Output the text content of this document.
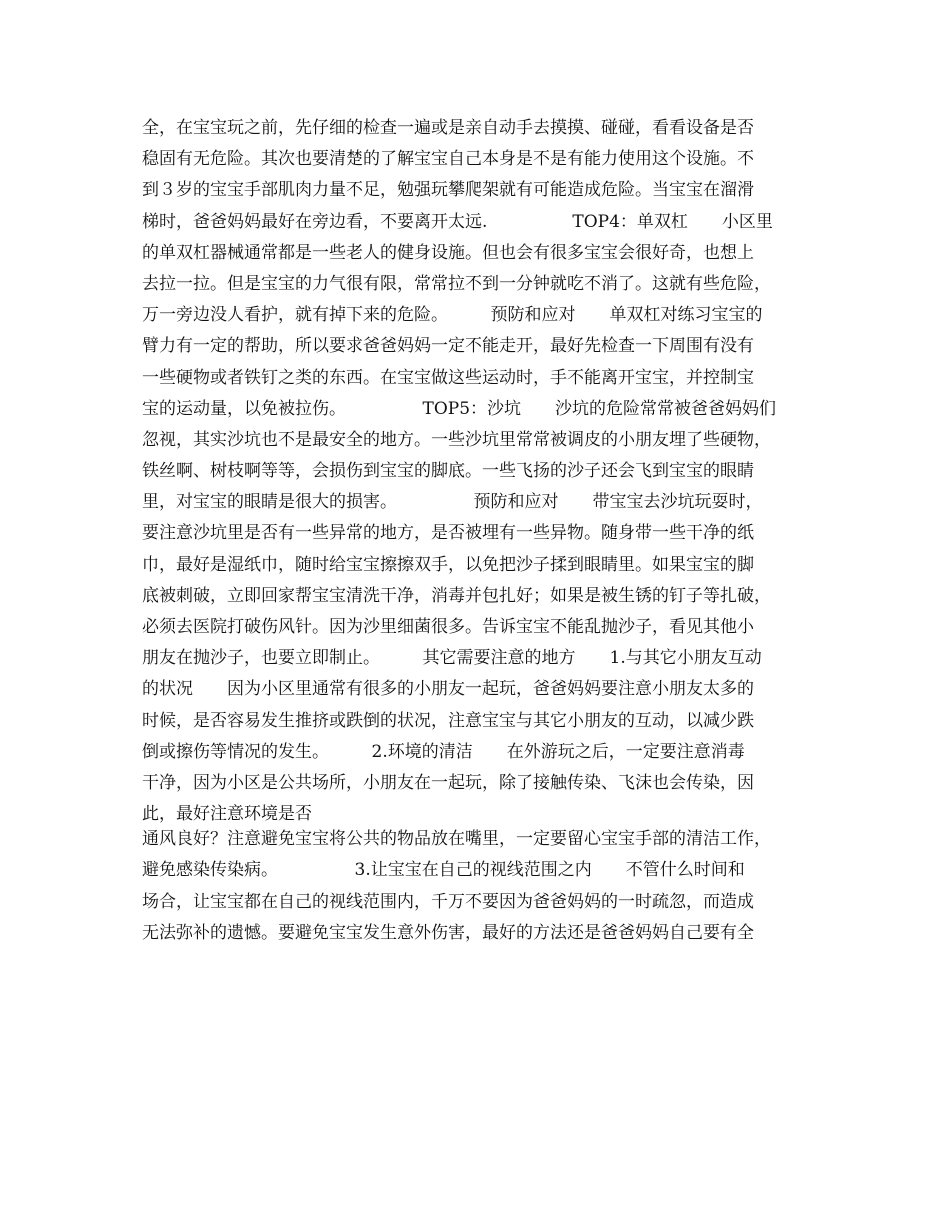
全，在宝宝玩之前，先仔细的检查一遍或是亲自动手去摸摸、碰碰，看看设备是否
稳固有无危险。其次也要清楚的了解宝宝自己本身是不是有能力使用这个设施。不
到３岁的宝宝手部肌肉力量不足，勉强玩攀爬架就有可能造成危险。当宝宝在溜滑
梯时，爸爸妈妈最好在旁边看，不要离开太远.　　　　　TOP4：单双杠　　小区里
的单双杠器械通常都是一些老人的健身设施。但也会有很多宝宝会很好奇，也想上
去拉一拉。但是宝宝的力气很有限，常常拉不到一分钟就吃不消了。这就有些危险，
万一旁边没人看护，就有掉下来的危险。　　　预防和应对　　单双杠对练习宝宝的
臂力有一定的帮助，所以要求爸爸妈妈一定不能走开，最好先检查一下周围有没有
一些硬物或者铁钉之类的东西。在宝宝做这些运动时，手不能离开宝宝，并控制宝
宝的运动量，以免被拉伤。　　　　　TOP5：沙坑　　沙坑的危险常常被爸爸妈妈们
忽视，其实沙坑也不是最安全的地方。一些沙坑里常常被调皮的小朋友埋了些硬物，
铁丝啊、树枝啊等等，会损伤到宝宝的脚底。一些飞扬的沙子还会飞到宝宝的眼睛
里，对宝宝的眼睛是很大的损害。　　　　　预防和应对　　带宝宝去沙坑玩耍时，
要注意沙坑里是否有一些异常的地方，是否被埋有一些异物。随身带一些干净的纸
巾，最好是湿纸巾，随时给宝宝擦擦双手，以免把沙子揉到眼睛里。如果宝宝的脚
底被刺破，立即回家帮宝宝清洗干净，消毒并包扎好；如果是被生锈的钉子等扎破，
必须去医院打破伤风针。因为沙里细菌很多。告诉宝宝不能乱抛沙子，看见其他小
朋友在抛沙子，也要立即制止。　　　其它需要注意的地方　　1.与其它小朋友互动
的状况　　因为小区里通常有很多的小朋友一起玩，爸爸妈妈要注意小朋友太多的
时候，是否容易发生推挤或跌倒的状况，注意宝宝与其它小朋友的互动，以减少跌
倒或擦伤等情况的发生。　　　2.环境的清洁　　在外游玩之后，一定要注意消毒
干净，因为小区是公共场所，小朋友在一起玩，除了接触传染、飞沫也会传染，因
此，最好注意环境是否
通风良好？注意避免宝宝将公共的物品放在嘴里，一定要留心宝宝手部的清洁工作，
避免感染传染病。　　　　　3.让宝宝在自己的视线范围之内　　不管什么时间和
场合，让宝宝都在自己的视线范围内，千万不要因为爸爸妈妈的一时疏忽，而造成
无法弥补的遗憾。要避免宝宝发生意外伤害，最好的方法还是爸爸妈妈自己要有全
